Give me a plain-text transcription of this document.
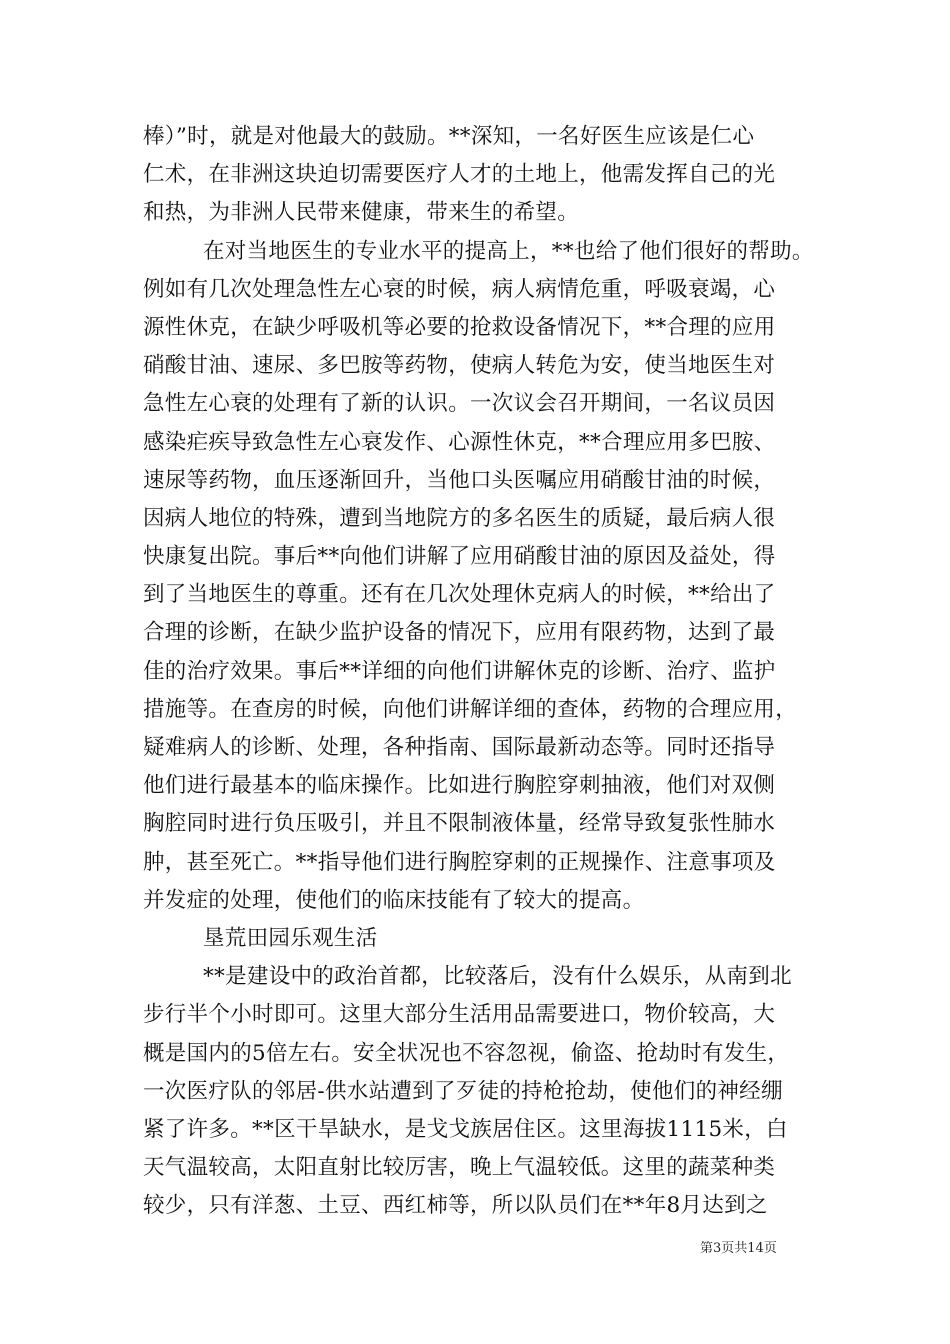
棒）”时，就是对他最大的鼓励。**深知，一名好医生应该是仁心
仁术，在非洲这块迫切需要医疗人才的土地上，他需发挥自己的光
和热，为非洲人民带来健康，带来生的希望。
在对当地医生的专业水平的提高上，**也给了他们很好的帮助。
例如有几次处理急性左心衰的时候，病人病情危重，呼吸衰竭，心
源性休克，在缺少呼吸机等必要的抢救设备情况下，**合理的应用
硝酸甘油、速尿、多巴胺等药物，使病人转危为安，使当地医生对
急性左心衰的处理有了新的认识。一次议会召开期间，一名议员因
感染疟疾导致急性左心衰发作、心源性休克，**合理应用多巴胺、
速尿等药物，血压逐渐回升，当他口头医嘱应用硝酸甘油的时候，
因病人地位的特殊，遭到当地院方的多名医生的质疑，最后病人很
快康复出院。事后**向他们讲解了应用硝酸甘油的原因及益处，得
到了当地医生的尊重。还有在几次处理休克病人的时候，**给出了
合理的诊断，在缺少监护设备的情况下，应用有限药物，达到了最
佳的治疗效果。事后**详细的向他们讲解休克的诊断、治疗、监护
措施等。在查房的时候，向他们讲解详细的查体，药物的合理应用，
疑难病人的诊断、处理，各种指南、国际最新动态等。同时还指导
他们进行最基本的临床操作。比如进行胸腔穿刺抽液，他们对双侧
胸腔同时进行负压吸引，并且不限制液体量，经常导致复张性肺水
肿，甚至死亡。**指导他们进行胸腔穿刺的正规操作、注意事项及
并发症的处理，使他们的临床技能有了较大的提高。
垦荒田园乐观生活
**是建设中的政治首都，比较落后，没有什么娱乐，从南到北
步行半个小时即可。这里大部分生活用品需要进口，物价较高，大
概是国内的5倍左右。安全状况也不容忽视，偷盗、抢劫时有发生，
一次医疗队的邻居-供水站遭到了歹徒的持枪抢劫，使他们的神经绷
紧了许多。**区干旱缺水，是戈戈族居住区。这里海拔1115米，白
天气温较高，太阳直射比较厉害，晚上气温较低。这里的蔬菜种类
较少，只有洋葱、土豆、西红柿等，所以队员们在**年8月达到之
第3页共14页
